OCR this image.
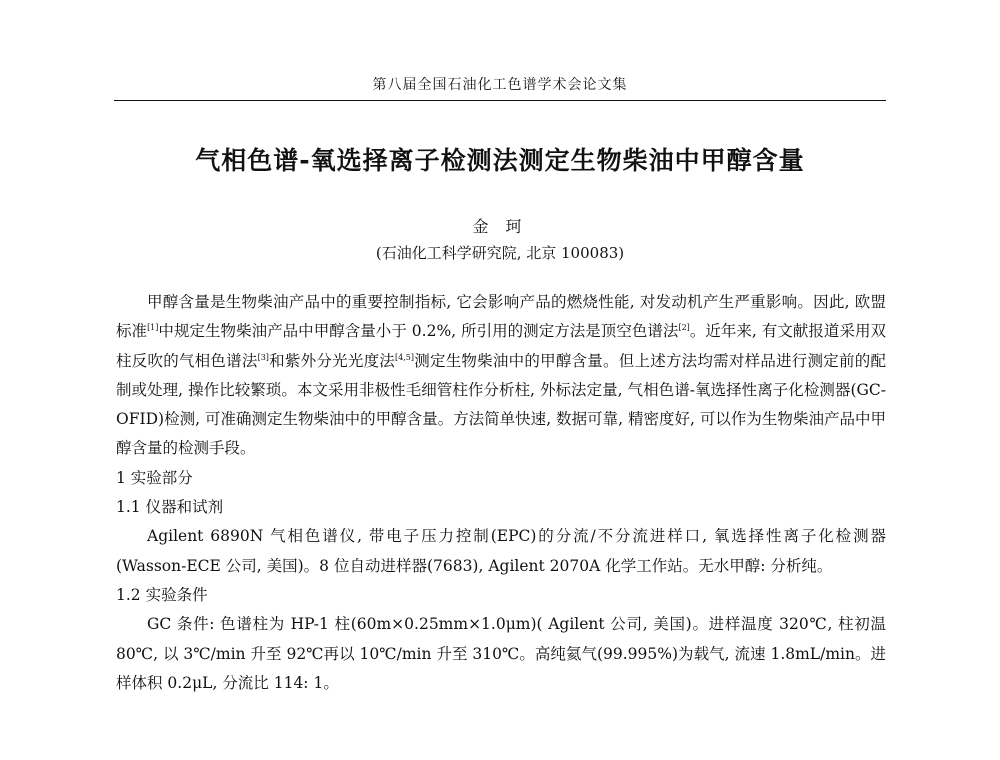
第八届全国石油化工色谱学术会论文集
气相色谱-氧选择离子检测法测定生物柴油中甲醇含量
金 珂
(石油化工科学研究院, 北京 100083)

甲醇含量是生物柴油产品中的重要控制指标, 它会影响产品的燃烧性能, 对发动机产生严重影响。因此, 欧盟标准[1]中规定生物柴油产品中甲醇含量小于 0.2%, 所引用的测定方法是顶空色谱法[2]。近年来, 有文献报道采用双柱反吹的气相色谱法[3]和紫外分光光度法[4,5]测定生物柴油中的甲醇含量。但上述方法均需对样品进行测定前的配制或处理, 操作比较繁琐。本文采用非极性毛细管柱作分析柱, 外标法定量, 气相色谱-氧选择性离子化检测器(GC-OFID)检测, 可准确测定生物柴油中的甲醇含量。方法简单快速, 数据可靠, 精密度好, 可以作为生物柴油产品中甲醇含量的检测手段。

1 实验部分

1.1 仪器和试剂

Agilent 6890N 气相色谱仪, 带电子压力控制(EPC)的分流/不分流进样口, 氧选择性离子化检测器(Wasson-ECE 公司, 美国)。8 位自动进样器(7683), Agilent 2070A 化学工作站。无水甲醇: 分析纯。

1.2 实验条件

GC 条件: 色谱柱为 HP-1 柱(60m×0.25mm×1.0μm)( Agilent 公司, 美国)。进样温度 320℃, 柱初温 80℃, 以 3℃/min 升至 92℃再以 10℃/min 升至 310℃。高纯氦气(99.995%)为载气, 流速 1.8mL/min。进样体积 0.2μL, 分流比 114: 1。
